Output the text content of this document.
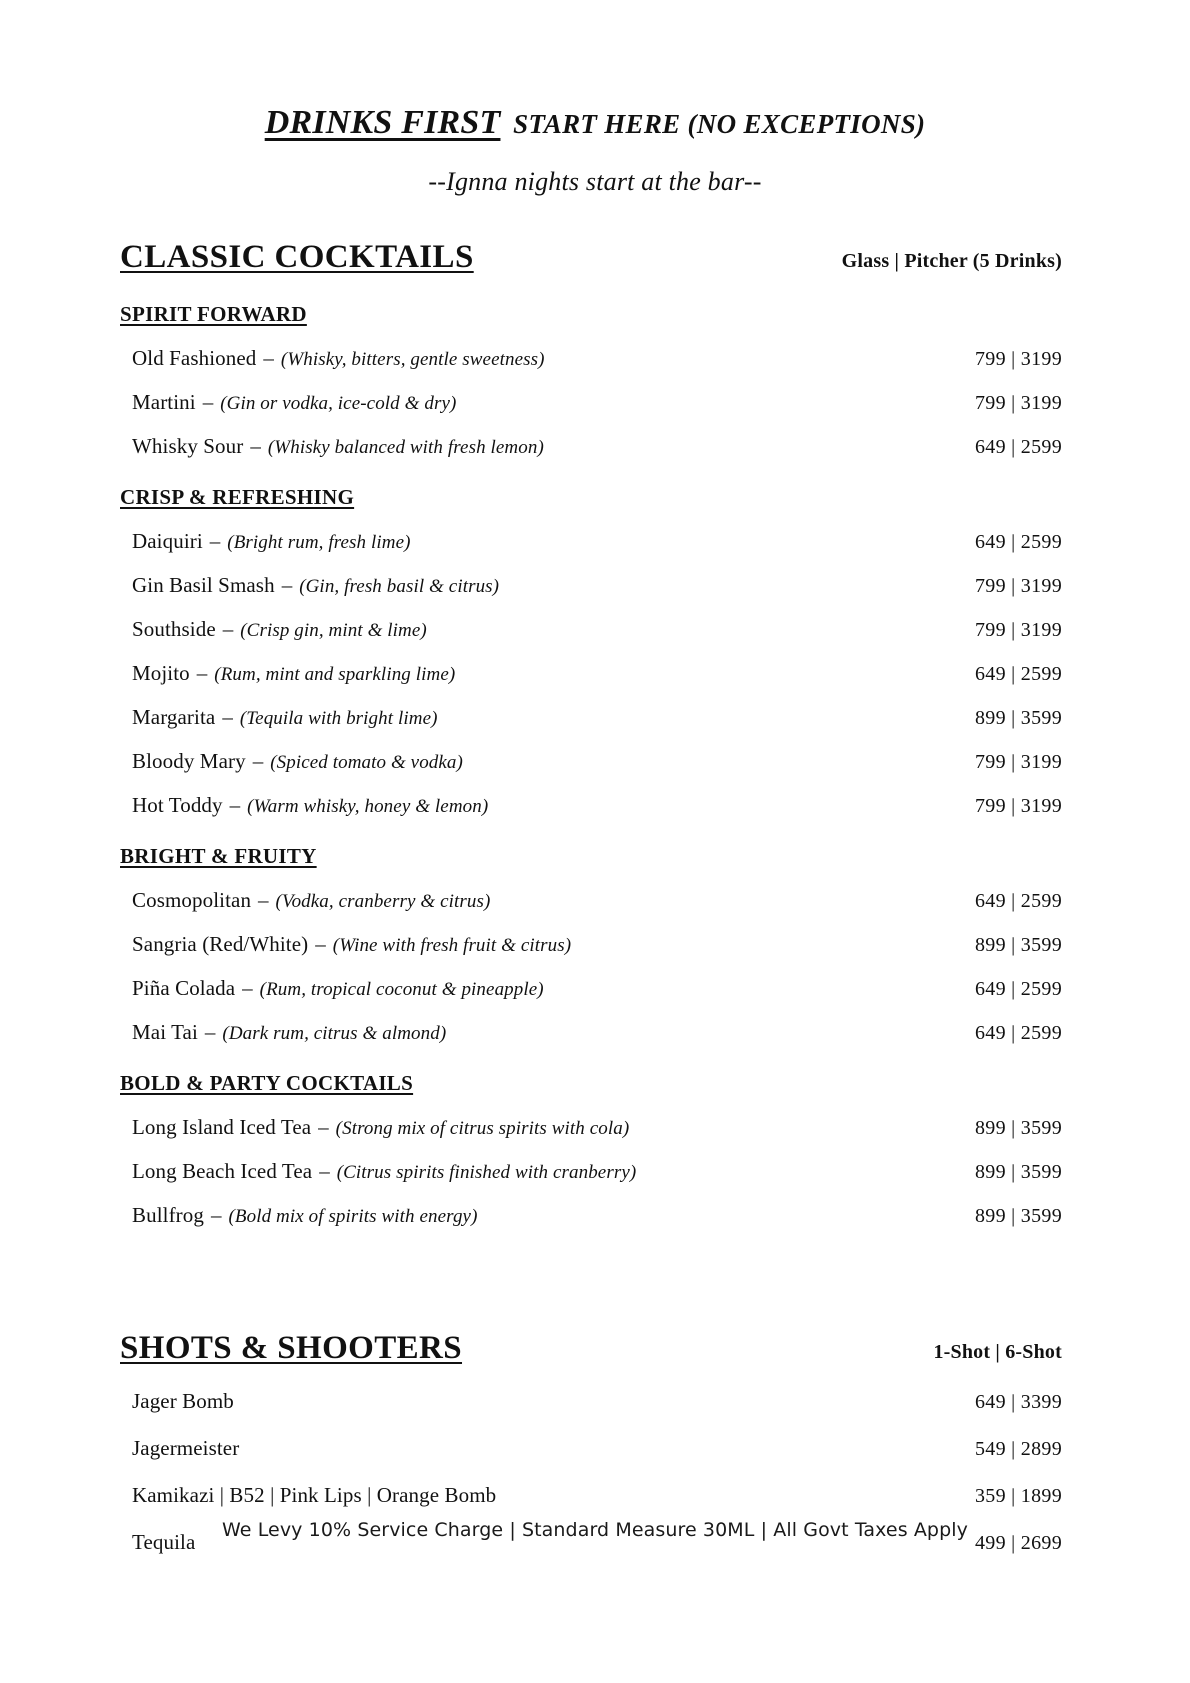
DRINKS FIRST START HERE (NO EXCEPTIONS)
--Ignna nights start at the bar--
CLASSIC COCKTAILS	Glass | Pitcher (5 Drinks)
SPIRIT FORWARD
Old Fashioned – (Whisky, bitters, gentle sweetness)	799 | 3199
Martini – (Gin or vodka, ice-cold & dry)	799 | 3199
Whisky Sour – (Whisky balanced with fresh lemon)	649 | 2599
CRISP & REFRESHING
Daiquiri – (Bright rum, fresh lime)	649 | 2599
Gin Basil Smash – (Gin, fresh basil & citrus)	799 | 3199
Southside – (Crisp gin, mint & lime)	799 | 3199
Mojito – (Rum, mint and sparkling lime)	649 | 2599
Margarita – (Tequila with bright lime)	899 | 3599
Bloody Mary – (Spiced tomato & vodka)	799 | 3199
Hot Toddy – (Warm whisky, honey & lemon)	799 | 3199
BRIGHT & FRUITY
Cosmopolitan – (Vodka, cranberry & citrus)	649 | 2599
Sangria (Red/White) – (Wine with fresh fruit & citrus)	899 | 3599
Piña Colada – (Rum, tropical coconut & pineapple)	649 | 2599
Mai Tai – (Dark rum, citrus & almond)	649 | 2599
BOLD & PARTY COCKTAILS
Long Island Iced Tea – (Strong mix of citrus spirits with cola)	899 | 3599
Long Beach Iced Tea – (Citrus spirits finished with cranberry)	899 | 3599
Bullfrog – (Bold mix of spirits with energy)	899 | 3599
SHOTS & SHOOTERS	1-Shot | 6-Shot
Jager Bomb	649 | 3399
Jagermeister	549 | 2899
Kamikazi | B52 | Pink Lips | Orange Bomb	359 | 1899
Tequila	499 | 2699
We Levy 10% Service Charge | Standard Measure 30ML | All Govt Taxes Apply
